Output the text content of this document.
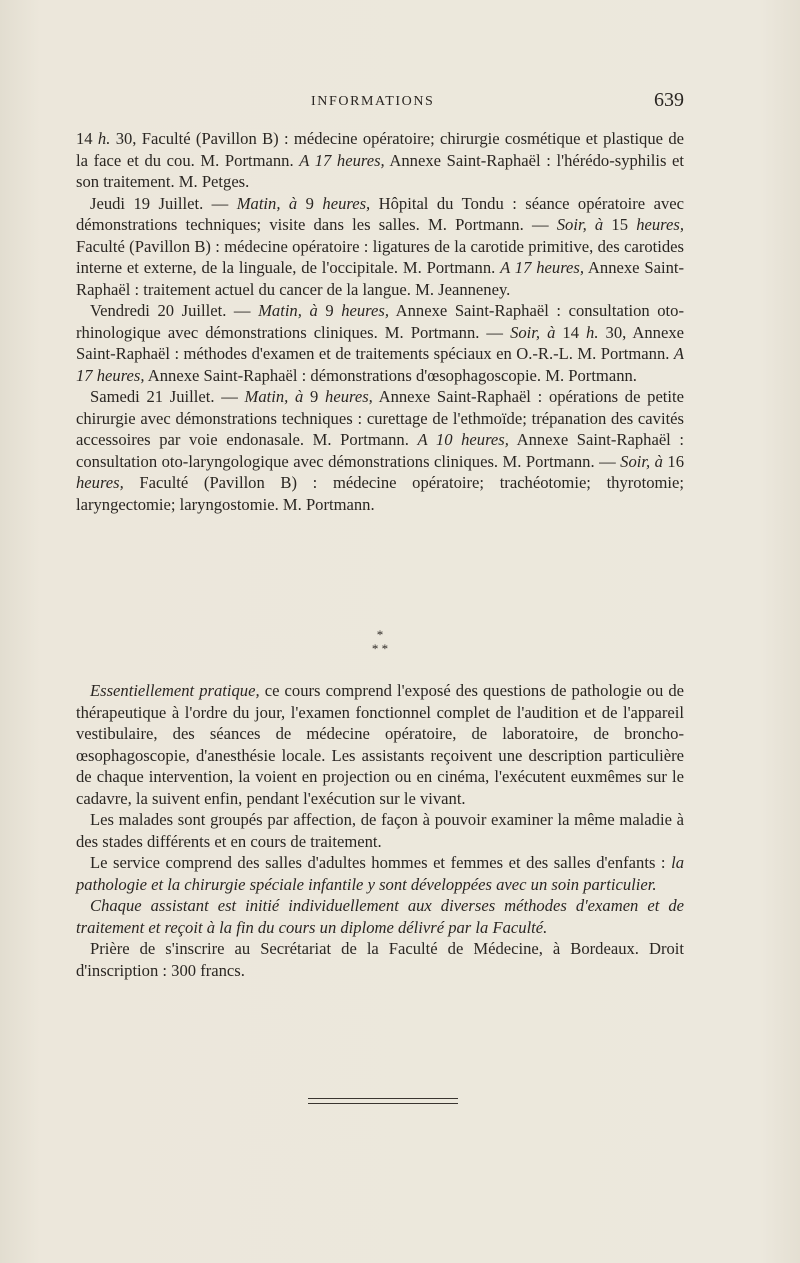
INFORMATIONS	639

14 h. 30, Faculté (Pavillon B) : médecine opératoire; chirurgie cosmétique et plastique de la face et du cou. M. Portmann. A 17 heures, Annexe Saint-Raphaël : l'hérédo-syphilis et son traitement. M. Petges.

Jeudi 19 Juillet. — Matin, à 9 heures, Hôpital du Tondu : séance opératoire avec démonstrations techniques; visite dans les salles. M. Portmann. — Soir, à 15 heures, Faculté (Pavillon B) : médecine opératoire : ligatures de la carotide primitive, des carotides interne et externe, de la linguale, de l'occipitale. M. Portmann. A 17 heures, Annexe Saint-Raphaël : traitement actuel du cancer de la langue. M. Jeanneney.

Vendredi 20 Juillet. — Matin, à 9 heures, Annexe Saint-Raphaël : consultation oto-rhinologique avec démonstrations cliniques. M. Portmann. — Soir, à 14 h. 30, Annexe Saint-Raphaël : méthodes d'examen et de traitements spéciaux en O.-R.-L. M. Portmann. A 17 heures, Annexe Saint-Raphaël : démonstrations d'œsophagoscopie. M. Portmann.

Samedi 21 Juillet. — Matin, à 9 heures, Annexe Saint-Raphaël : opérations de petite chirurgie avec démonstrations techniques : curettage de l'ethmoïde; trépanation des cavités accessoires par voie endonasale. M. Portmann. A 10 heures, Annexe Saint-Raphaël : consultation oto-laryngologique avec démonstrations cliniques. M. Portmann. — Soir, à 16 heures, Faculté (Pavillon B) : médecine opératoire; trachéotomie; thyrotomie; laryngectomie; laryngostomie. M. Portmann.

*
* *

Essentiellement pratique, ce cours comprend l'exposé des questions de pathologie ou de thérapeutique à l'ordre du jour, l'examen fonctionnel complet de l'audition et de l'appareil vestibulaire, des séances de médecine opératoire, de laboratoire, de broncho-œsophagoscopie, d'anesthésie locale. Les assistants reçoivent une description particulière de chaque intervention, la voient en projection ou en cinéma, l'exécutent euxmêmes sur le cadavre, la suivent enfin, pendant l'exécution sur le vivant.

Les malades sont groupés par affection, de façon à pouvoir examiner la même maladie à des stades différents et en cours de traitement.

Le service comprend des salles d'adultes hommes et femmes et des salles d'enfants : la pathologie et la chirurgie spéciale infantile y sont développées avec un soin particulier.

Chaque assistant est initié individuellement aux diverses méthodes d'examen et de traitement et reçoit à la fin du cours un diplome délivré par la Faculté.

Prière de s'inscrire au Secrétariat de la Faculté de Médecine, à Bordeaux. Droit d'inscription : 300 francs.
